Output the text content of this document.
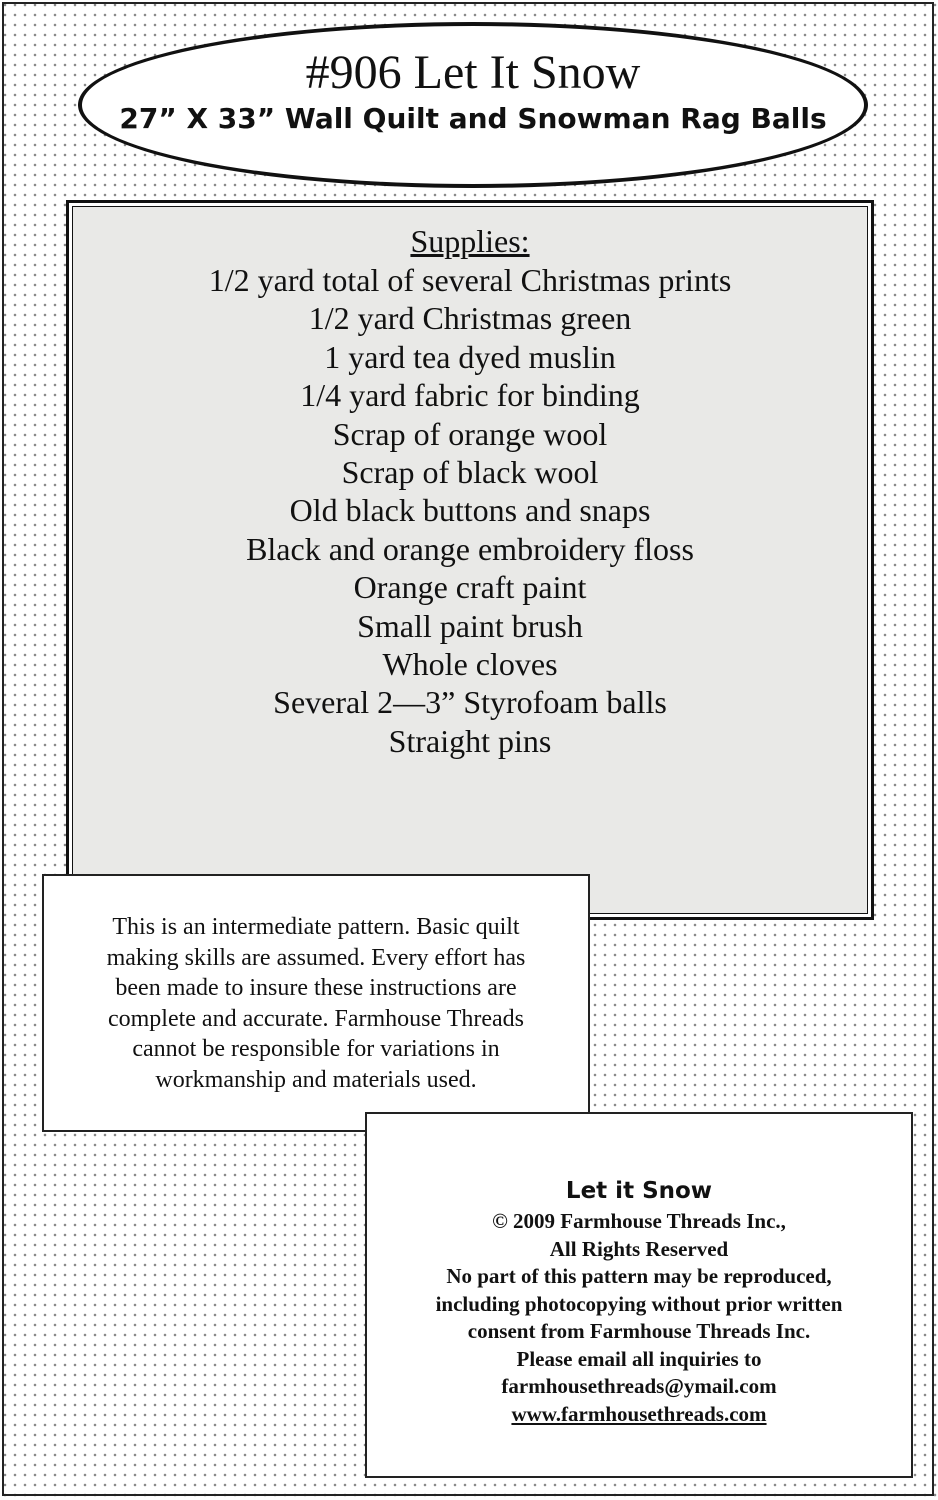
#906 Let It Snow
27” X 33” Wall Quilt and Snowman Rag Balls
Supplies:
1/2 yard total of several Christmas prints
1/2 yard Christmas green
1 yard tea dyed muslin
1/4 yard fabric for binding
Scrap of orange wool
Scrap of black wool
Old black buttons and snaps
Black and orange embroidery floss
Orange craft paint
Small paint brush
Whole cloves
Several 2—3” Styrofoam balls
Straight pins

This is an intermediate pattern. Basic quilt

making skills are assumed. Every effort has

been made to insure these instructions are

complete and accurate. Farmhouse Threads

cannot be responsible for variations in

workmanship and materials used.

Let it Snow
© 2009 Farmhouse Threads Inc.,
All Rights Reserved
No part of this pattern may be reproduced,
including photocopying without prior written
consent from Farmhouse Threads Inc.
Please email all inquiries to
farmhousethreads@ymail.com
www.farmhousethreads.com
